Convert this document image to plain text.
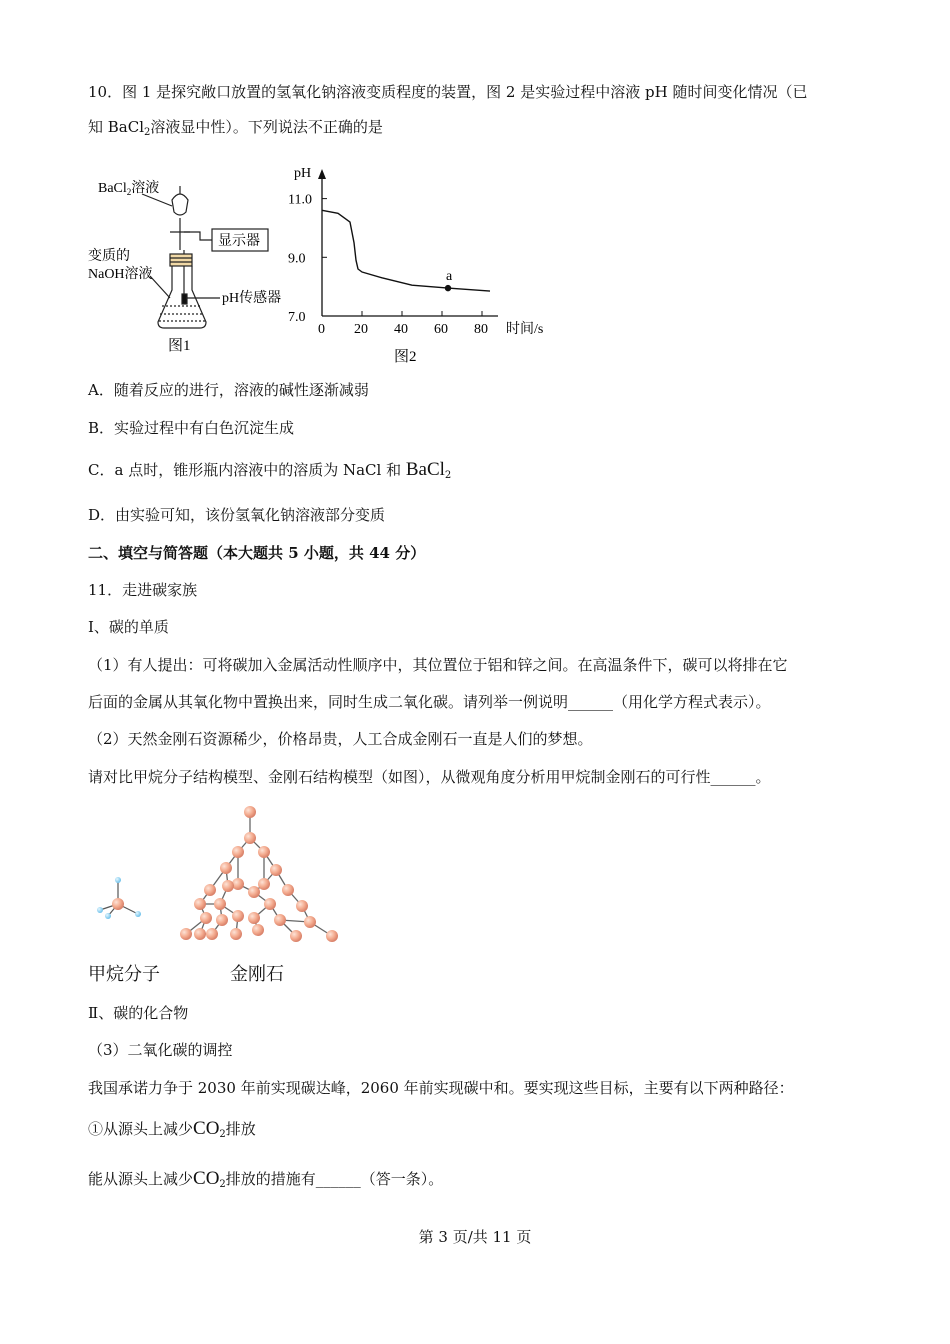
10．图 1 是探究敞口放置的氢氧化钠溶液变质程度的装置，图 2 是实验过程中溶液 pH 随时间变化情况（已
知 BaCl$_2$溶液显中性）。下列说法不正确的是
BaCl$_2$溶液
显示器
变质的
NaOH溶液
pH传感器
图1
pH
时间/s
图2
11.0
9.0
7.0
0 20 40 60 80
a
A．随着反应的进行，溶液的碱性逐渐减弱
B．实验过程中有白色沉淀生成
C．a 点时，锥形瓶内溶液中的溶质为 NaCl 和 BaCl$_2$
D．由实验可知，该份氢氧化钠溶液部分变质
二、填空与简答题（本大题共 5 小题，共 44 分）
11．走进碳家族
Ⅰ、碳的单质
（1）有人提出：可将碳加入金属活动性顺序中，其位置位于铝和锌之间。在高温条件下，碳可以将排在它
后面的金属从其氧化物中置换出来，同时生成二氧化碳。请列举一例说明______（用化学方程式表示）。
（2）天然金刚石资源稀少，价格昂贵，人工合成金刚石一直是人们的梦想。
请对比甲烷分子结构模型、金刚石结构模型（如图），从微观角度分析用甲烷制金刚石的可行性______。
甲烷分子	金刚石
Ⅱ、碳的化合物
（3）二氧化碳的调控
我国承诺力争于 2030 年前实现碳达峰，2060 年前实现碳中和。要实现这些目标，主要有以下两种路径：
①从源头上减少$CO_2$排放
能从源头上减少$CO_2$排放的措施有______（答一条）。
第 3 页/共 11 页
